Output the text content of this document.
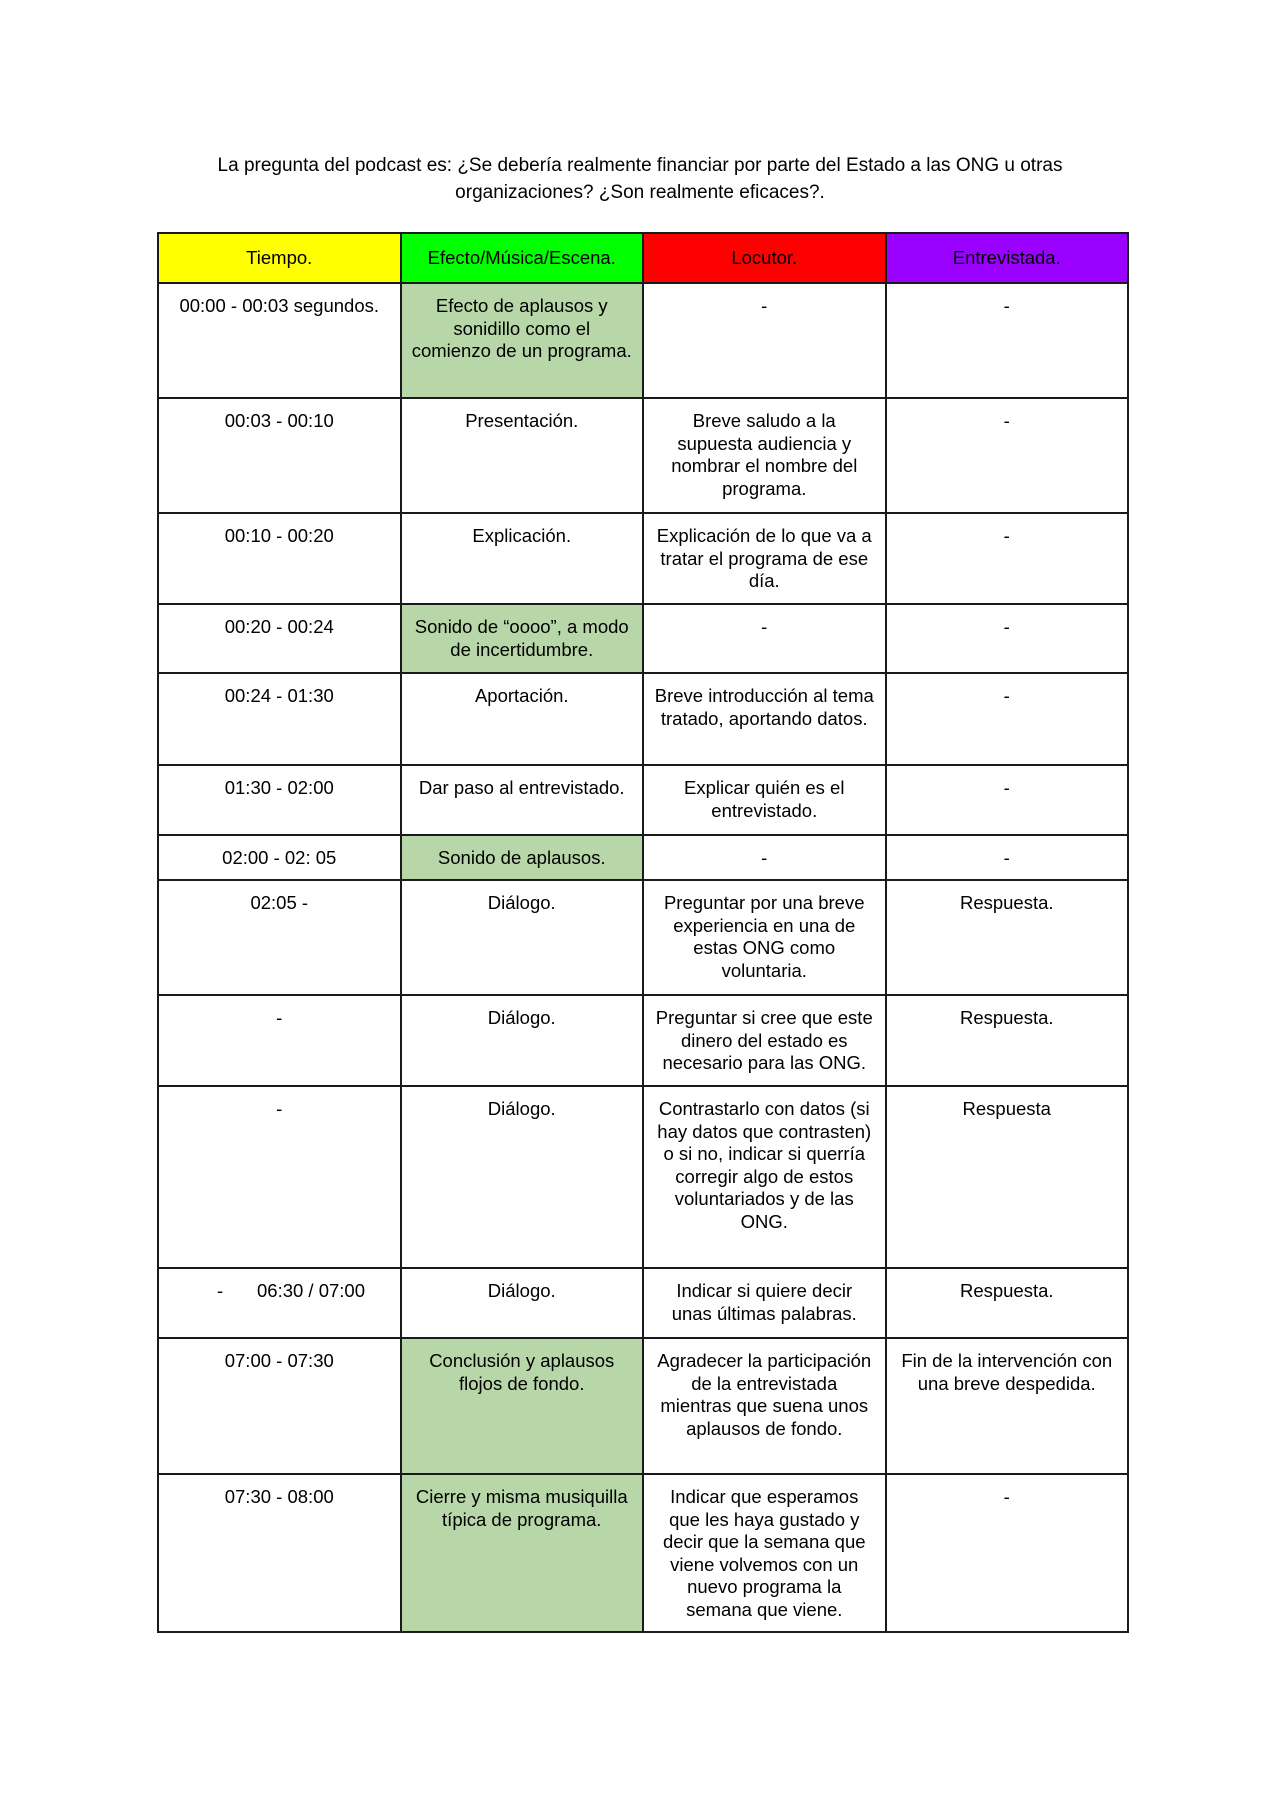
La pregunta del podcast es: ¿Se debería realmente financiar por parte del Estado a las ONG u otras
organizaciones? ¿Son realmente eficaces?.
Tiempo.	Efecto/Música/Escena.	Locutor.	Entrevistada.
00:00 - 00:03 segundos.	Efecto de aplausos y sonidillo como el comienzo de un programa.	-	-
00:03 - 00:10	Presentación.	Breve saludo a la supuesta audiencia y nombrar el nombre del programa.	-
00:10 - 00:20	Explicación.	Explicación de lo que va a tratar el programa de ese día.	-
00:20 - 00:24	Sonido de “oooo”, a modo de incertidumbre.	-	-
00:24 - 01:30	Aportación.	Breve introducción al tema tratado, aportando datos.	-
01:30 - 02:00	Dar paso al entrevistado.	Explicar quién es el entrevistado.	-
02:00 - 02: 05	Sonido de aplausos.	-	-
02:05 -	Diálogo.	Preguntar por una breve experiencia en una de estas ONG como voluntaria.	Respuesta.
-	Diálogo.	Preguntar si cree que este dinero del estado es necesario para las ONG.	Respuesta.
-	Diálogo.	Contrastarlo con datos (si hay datos que contrasten) o si no, indicar si querría corregir algo de estos voluntariados y de las ONG.	Respuesta

- 06:30 / 07:00	Diálogo.	Indicar si quiere decir unas últimas palabras.	Respuesta.
07:00 - 07:30	Conclusión y aplausos flojos de fondo.	Agradecer la participación de la entrevistada mientras que suena unos aplausos de fondo.	Fin de la intervención con una breve despedida.
07:30 - 08:00	Cierre y misma musiquilla típica de programa.	Indicar que esperamos que les haya gustado y decir que la semana que viene volvemos con un nuevo programa la semana que viene.	-
